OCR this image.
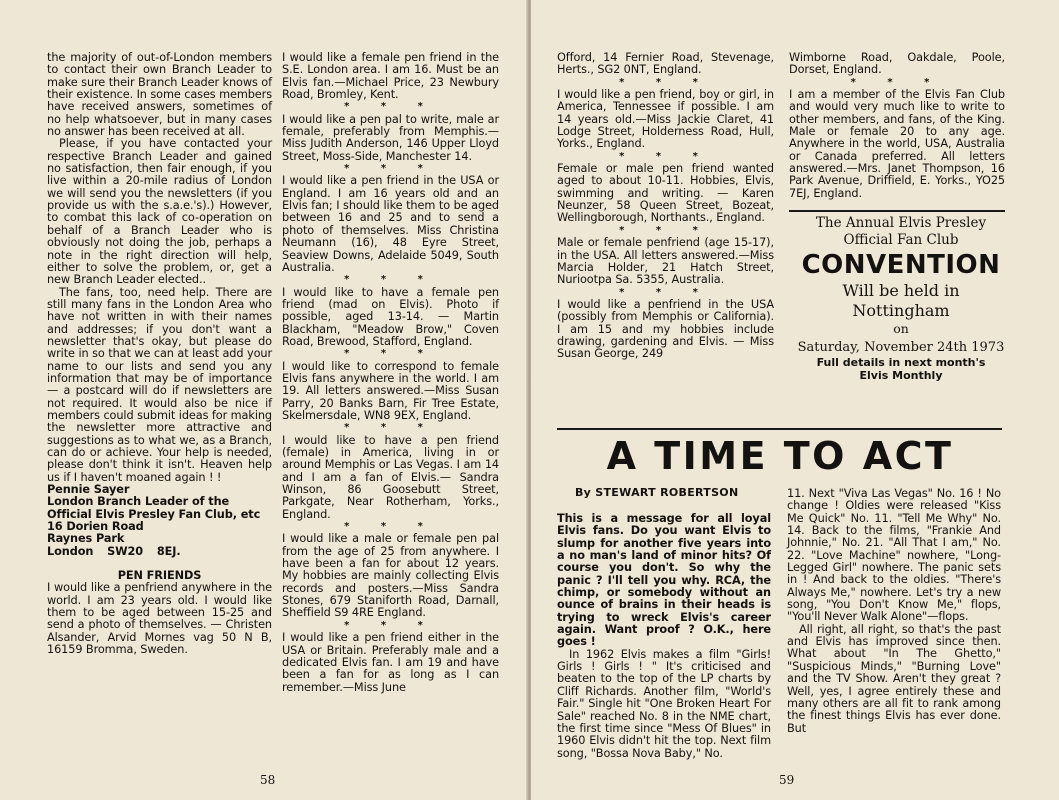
the majority of out-of-London members to contact their own Branch Leader to make sure their Branch Leader knows of their existence. In some cases members have received answers, sometimes of no help whatsoever, but in many cases no answer has been received at all.

Please, if you have contacted your respective Branch Leader and gained no satisfaction, then fair enough, if you live within a 20-mile radius of London we will send you the newsletters (if you provide us with the s.a.e.'s).) However, to combat this lack of co-operation on behalf of a Branch Leader who is obviously not doing the job, perhaps a note in the right direction will help, either to solve the problem, or, get a new Branch Leader elected..

The fans, too, need help. There are still many fans in the London Area who have not written in with their names and addresses; if you don't want a newsletter that's okay, but please do write in so that we can at least add your name to our lists and send you any information that may be of importance — a postcard will do if newsletters are not required. It would also be nice if members could submit ideas for making the newsletter more attractive and suggestions as to what we, as a Branch, can do or achieve. Your help is needed, please don't think it isn't. Heaven help us if I haven't moaned again ! !

Pennie Sayer
London Branch Leader of the
Official Elvis Presley Fan Club, etc
16 Dorien Road
Raynes Park
London SW20 8EJ.

PEN FRIENDS

I would like a penfriend anywhere in the world. I am 23 years old. I would like them to be aged between 15-25 and send a photo of themselves. — Christen Alsander, Arvid Mornes vag 50 N B, 16159 Bromma, Sweden.

I would like a female pen friend in the S.E. London area. I am 16. Must be an Elvis fan.—Michael Price, 23 Newbury Road, Bromley, Kent.

* * *

I would like a pen pal to write, male ar female, preferably from Memphis.—Miss Judith Anderson, 146 Upper Lloyd Street, Moss-Side, Manchester 14.

* * *

I would like a pen friend in the USA or England. I am 16 years old and an Elvis fan; I should like them to be aged between 16 and 25 and to send a photo of themselves. Miss Christina Neumann (16), 48 Eyre Street, Seaview Downs, Adelaide 5049, South Australia.

* * *

I would like to have a female pen friend (mad on Elvis). Photo if possible, aged 13-14. — Martin Blackham, "Meadow Brow," Coven Road, Brewood, Stafford, England.

* * *

I would like to correspond to female Elvis fans anywhere in the world. I am 19. All letters answered.—Miss Susan Parry, 20 Banks Barn, Fir Tree Estate, Skelmersdale, WN8 9EX, England.

* * *

I would like to have a pen friend (female) in America, living in or around Memphis or Las Vegas. I am 14 and I am a fan of Elvis.— Sandra Winson, 86 Goosebutt Street, Parkgate, Near Rotherham, Yorks., England.

* * *

I would like a male or female pen pal from the age of 25 from anywhere. I have been a fan for about 12 years. My hobbies are mainly collecting Elvis records and posters.—Miss Sandra Stones, 679 Staniforth Road, Darnall, Sheffield S9 4RE England.

* * *

I would like a pen friend either in the USA or Britain. Preferably male and a dedicated Elvis fan. I am 19 and have been a fan for as long as I can remember.—Miss June

58

Offord, 14 Fernier Road, Stevenage, Herts., SG2 0NT, England.

* * *

I would like a pen friend, boy or girl, in America, Tennessee if possible. I am 14 years old.—Miss Jackie Claret, 41 Lodge Street, Holderness Road, Hull, Yorks., England.

* * *

Female or male pen friend wanted aged to about 10-11. Hobbies, Elvis, swimming and writing. — Karen Neunzer, 58 Queen Street, Bozeat, Wellingborough, Northants., England.

* * *

Male or female penfriend (age 15-17), in the USA. All letters answered.—Miss Marcia Holder, 21 Hatch Street, Nuriootpa Sa. 5355, Australia.

* * *

I would like a penfriend in the USA (possibly from Memphis or California). I am 15 and my hobbies include drawing, gardening and Elvis. — Miss Susan George, 249

Wimborne Road, Oakdale, Poole, Dorset, England.

* * *

I am a member of the Elvis Fan Club and would very much like to write to other members, and fans, of the King. Male or female 20 to any age. Anywhere in the world, USA, Australia or Canada preferred. All letters answered.—Mrs. Janet Thompson, 16 Park Avenue, Driffield, E. Yorks., YO25 7EJ, England.

This is a message for all loyal Elvis fans. Do you want Elvis to slump for another five years into a no man's land of minor hits? Of course you don't. So why the panic ? I'll tell you why. RCA, the chimp, or somebody without an ounce of brains in their heads is trying to wreck Elvis's career again. Want proof ? O.K., here goes !

In 1962 Elvis makes a film "Girls! Girls ! Girls ! " It's criticised and beaten to the top of the LP charts by Cliff Richards. Another film, "World's Fair." Single hit "One Broken Heart For Sale" reached No. 8 in the NME chart, the first time since "Mess Of Blues" in 1960 Elvis didn't hit the top. Next film song, "Bossa Nova Baby," No.

11. Next "Viva Las Vegas" No. 16 ! No change ! Oldies were released "Kiss Me Quick" No. 11. "Tell Me Why" No. 14. Back to the films, "Frankie And Johnnie," No. 21. "All That I am," No. 22. "Love Machine" nowhere, "Long-Legged Girl" nowhere. The panic sets in ! And back to the oldies. "There's Always Me," nowhere. Let's try a new song, "You Don't Know Me," flops, "You'll Never Walk Alone"—flops.

All right, all right, so that's the past and Elvis has improved since then. What about "In The Ghetto," "Suspicious Minds," "Burning Love" and the TV Show. Aren't they great ? Well, yes, I agree entirely these and many others are all fit to rank among the finest things Elvis has ever done. But

59
The Annual Elvis Presley
Official Fan Club
CONVENTION
Will be held in
Nottingham
on
Saturday, November 24th 1973
Full details in next month's
Elvis Monthly
A TIME TO ACT
By STEWART ROBERTSON
